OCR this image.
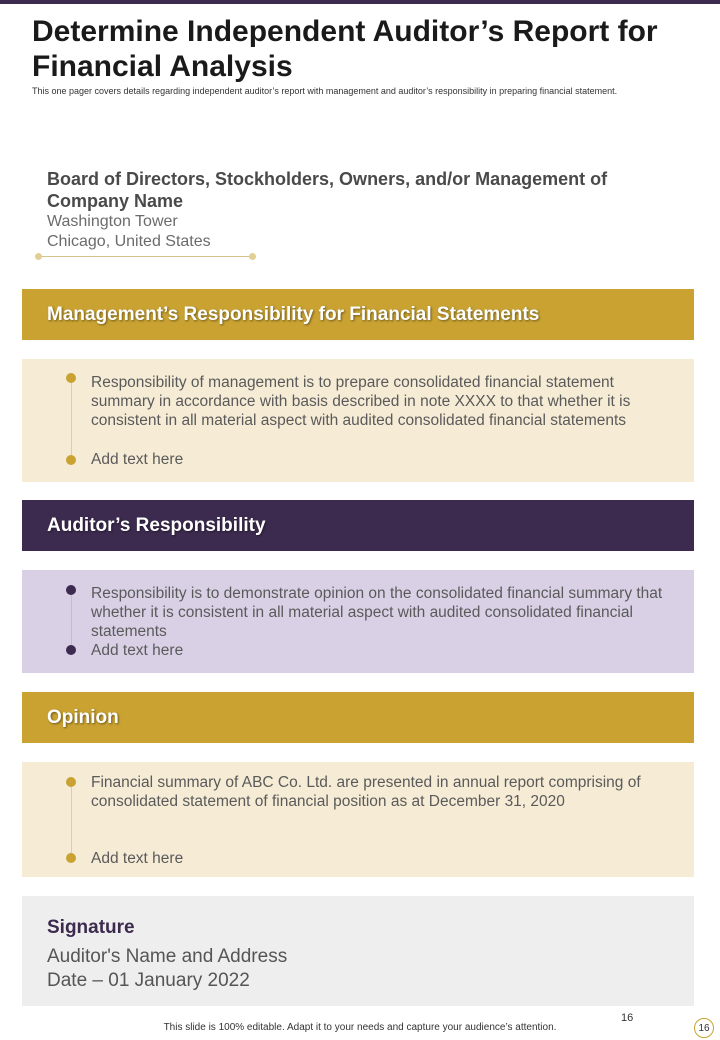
Determine Independent Auditor’s Report for Financial Analysis
This one pager covers details regarding independent auditor’s report with management and auditor’s responsibility in preparing financial statement.
Board of Directors, Stockholders, Owners, and/or Management of Company Name
Washington Tower
Chicago, United States
Management’s Responsibility for Financial Statements
Responsibility of management is to prepare consolidated financial statement summary in accordance with basis described in note XXXX to that whether it is consistent in all material aspect with audited consolidated financial statements
Add text here
Auditor’s Responsibility
Responsibility is to demonstrate opinion on the consolidated financial summary that whether it is consistent in all material aspect with audited consolidated financial statements
Add text here
Opinion
Financial summary of ABC Co. Ltd. are presented in annual report comprising of consolidated statement of financial position as at December 31, 2020
Add text here
Signature
Auditor's Name and Address
Date – 01 January 2022
16
This slide is 100% editable. Adapt it to your needs and capture your audience’s attention.	16
